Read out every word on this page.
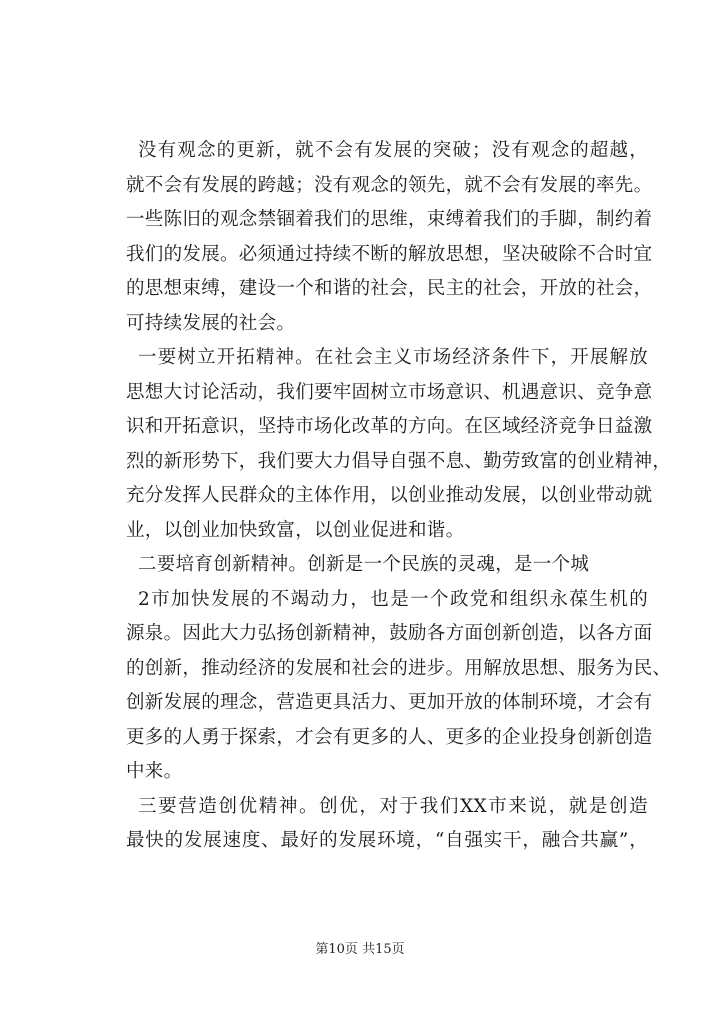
没有观念的更新，就不会有发展的突破；没有观念的超越，
就不会有发展的跨越；没有观念的领先，就不会有发展的率先。
一些陈旧的观念禁锢着我们的思维，束缚着我们的手脚，制约着
我们的发展。必须通过持续不断的解放思想，坚决破除不合时宜
的思想束缚，建设一个和谐的社会，民主的社会，开放的社会，
可持续发展的社会。
一要树立开拓精神。在社会主义市场经济条件下，开展解放
思想大讨论活动，我们要牢固树立市场意识、机遇意识、竞争意
识和开拓意识，坚持市场化改革的方向。在区域经济竞争日益激
烈的新形势下，我们要大力倡导自强不息、勤劳致富的创业精神，
充分发挥人民群众的主体作用，以创业推动发展，以创业带动就
业，以创业加快致富，以创业促进和谐。
二要培育创新精神。创新是一个民族的灵魂，是一个城
2市加快发展的不竭动力，也是一个政党和组织永葆生机的
源泉。因此大力弘扬创新精神，鼓励各方面创新创造，以各方面
的创新，推动经济的发展和社会的进步。用解放思想、服务为民、
创新发展的理念，营造更具活力、更加开放的体制环境，才会有
更多的人勇于探索，才会有更多的人、更多的企业投身创新创造
中来。
三要营造创优精神。创优，对于我们XX市来说，就是创造
最快的发展速度、最好的发展环境，“自强实干，融合共赢”，
第10页 共15页
